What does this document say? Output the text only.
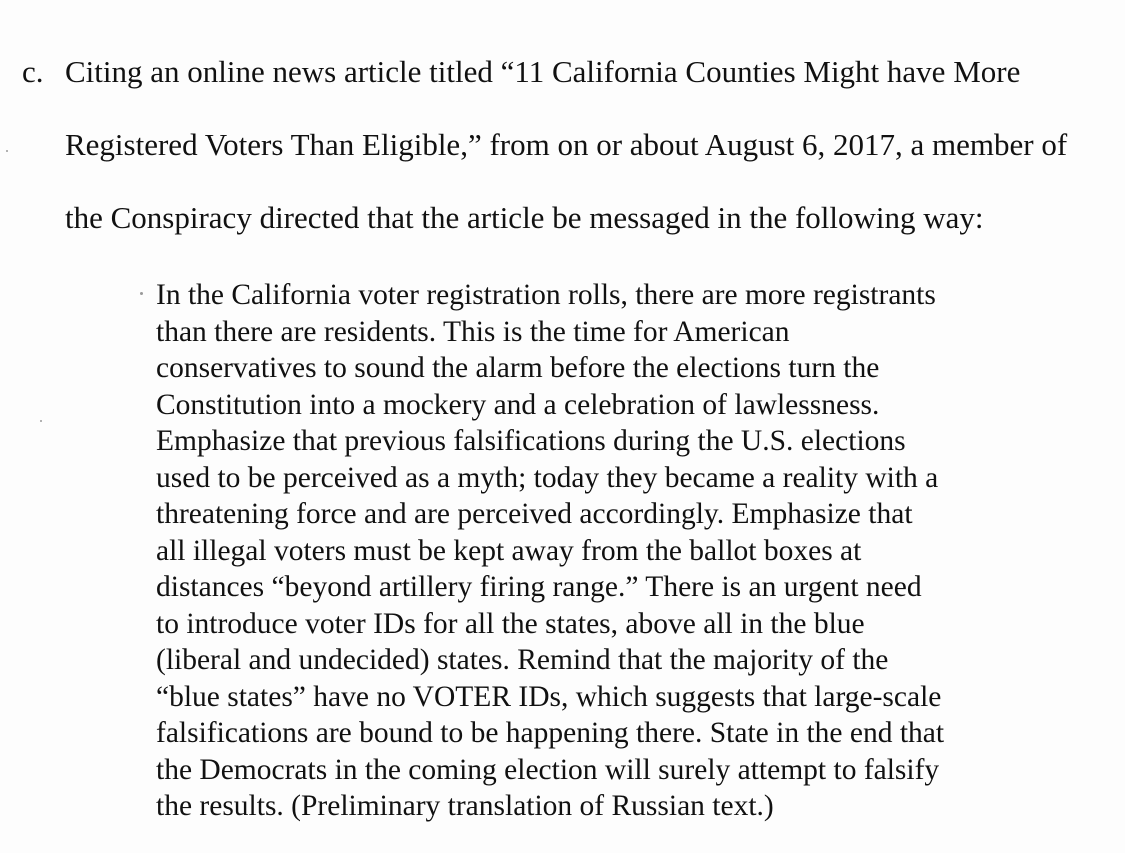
c. Citing an online news article titled “11 California Counties Might have More
Registered Voters Than Eligible,” from on or about August 6, 2017, a member of
the Conspiracy directed that the article be messaged in the following way:
In the California voter registration rolls, there are more registrants
than there are residents. This is the time for American
conservatives to sound the alarm before the elections turn the
Constitution into a mockery and a celebration of lawlessness.
Emphasize that previous falsifications during the U.S. elections
used to be perceived as a myth; today they became a reality with a
threatening force and are perceived accordingly. Emphasize that
all illegal voters must be kept away from the ballot boxes at
distances “beyond artillery firing range.” There is an urgent need
to introduce voter IDs for all the states, above all in the blue
(liberal and undecided) states. Remind that the majority of the
“blue states” have no VOTER IDs, which suggests that large-scale
falsifications are bound to be happening there. State in the end that
the Democrats in the coming election will surely attempt to falsify
the results. (Preliminary translation of Russian text.)
